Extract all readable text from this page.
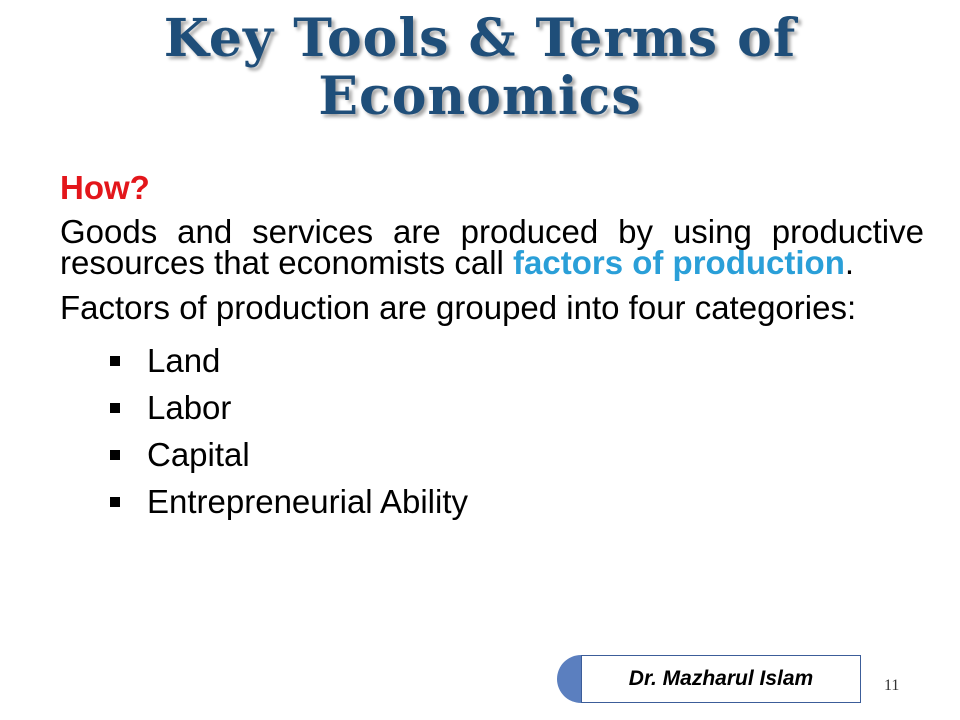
Key Tools & Terms of Economics

How?

Goods and services are produced by using productive resources that economists call factors of production.

Factors of production are grouped into four categories:

Land
Labor
Capital
Entrepreneurial Ability
Dr. Mazharul Islam	11
